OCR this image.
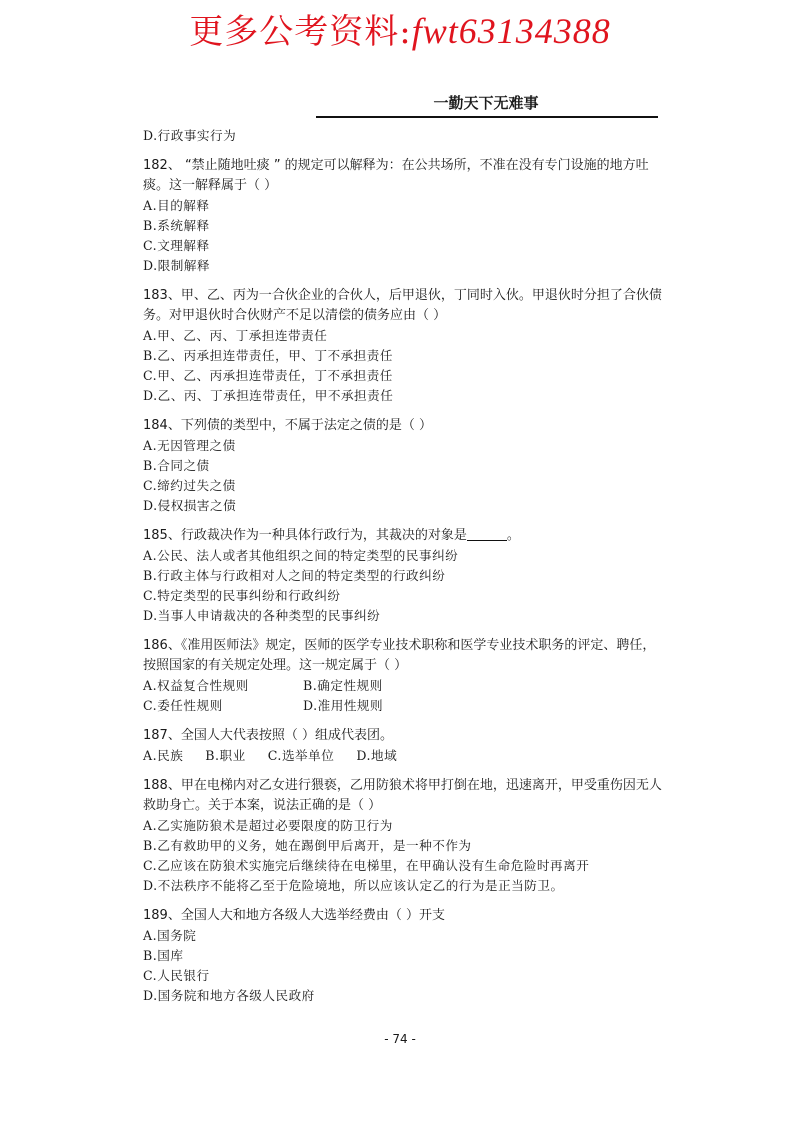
更多公考资料:fwt63134388
一勤天下无难事
D.行政事实行为
182、 “禁止随地吐痰 ” 的规定可以解释为：在公共场所，不准在没有专门设施的地方吐痰。这一解释属于（ ）
A.目的解释
B.系统解释
C.文理解释
D.限制解释
183、甲、乙、丙为一合伙企业的合伙人，后甲退伙，丁同时入伙。甲退伙时分担了合伙债务。对甲退伙时合伙财产不足以清偿的债务应由（ ）
A.甲、乙、丙、丁承担连带责任
B.乙、丙承担连带责任，甲、丁不承担责任
C.甲、乙、丙承担连带责任，丁不承担责任
D.乙、丙、丁承担连带责任，甲不承担责任
184、下列债的类型中，不属于法定之债的是（ ）
A.无因管理之债
B.合同之债
C.缔约过失之债
D.侵权损害之债
185、行政裁决作为一种具体行政行为，其裁决的对象是	。
A.公民、法人或者其他组织之间的特定类型的民事纠纷
B.行政主体与行政相对人之间的特定类型的行政纠纷
C.特定类型的民事纠纷和行政纠纷
D.当事人申请裁决的各种类型的民事纠纷
186、《准用医师法》规定，医师的医学专业技术职称和医学专业技术职务的评定、聘任，按照国家的有关规定处理。这一规定属于（ ）
A.权益复合性规则	B.确定性规则
C.委任性规则	D.准用性规则
187、全国人大代表按照（ ）组成代表团。
A.民族 B.职业 C.选举单位 D.地域
188、甲在电梯内对乙女进行猥亵，乙用防狼术将甲打倒在地，迅速离开，甲受重伤因无人救助身亡。关于本案，说法正确的是（ ）
A.乙实施防狼术是超过必要限度的防卫行为
B.乙有救助甲的义务，她在踢倒甲后离开，是一种不作为
C.乙应该在防狼术实施完后继续待在电梯里，在甲确认没有生命危险时再离开
D.不法秩序不能将乙至于危险境地，所以应该认定乙的行为是正当防卫。
189、全国人大和地方各级人大选举经费由（ ）开支
A.国务院
B.国库
C.人民银行
D.国务院和地方各级人民政府
- 74 -
